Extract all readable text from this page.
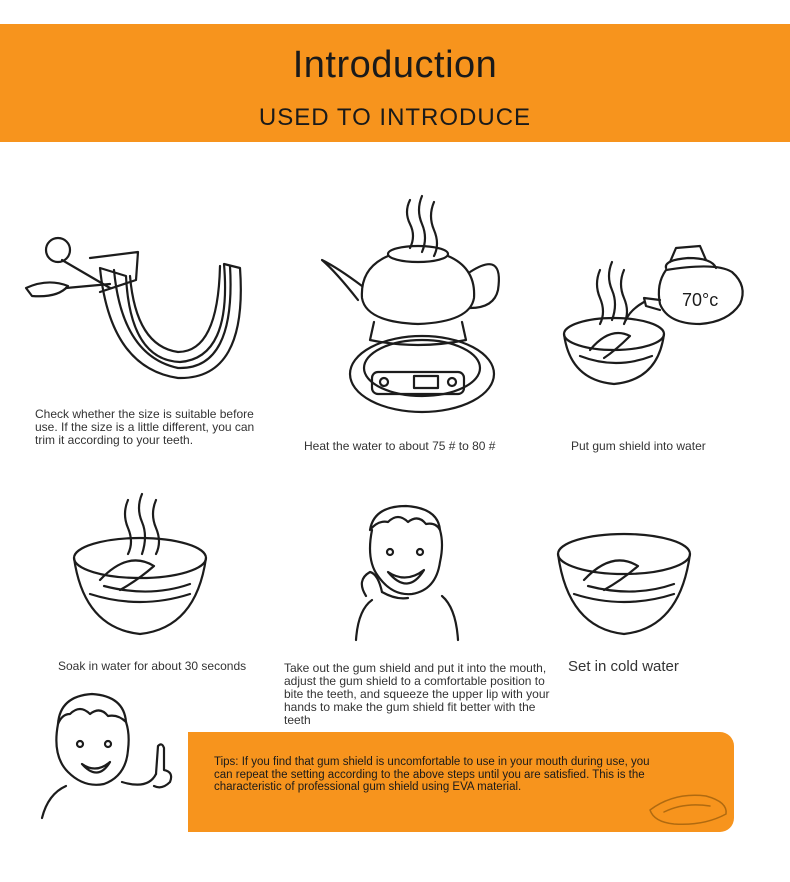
Introduction
USED TO INTRODUCE
Check whether the size is suitable before use. If the size is a little different, you can trim it according to your teeth.	Heat the water to about 75 # to 80 #
70°c
Put gum shield into water
Soak in water for about 30 seconds	Take out the gum shield and put it into the mouth, adjust the gum shield to a comfortable position to bite the teeth, and squeeze the upper lip with your hands to make the gum shield fit better with the teeth
Set in cold water
Tips: If you find that gum shield is uncomfortable to use in your mouth during use, you can repeat the setting according to the above steps until you are satisfied. This is the characteristic of professional gum shield using EVA material.
